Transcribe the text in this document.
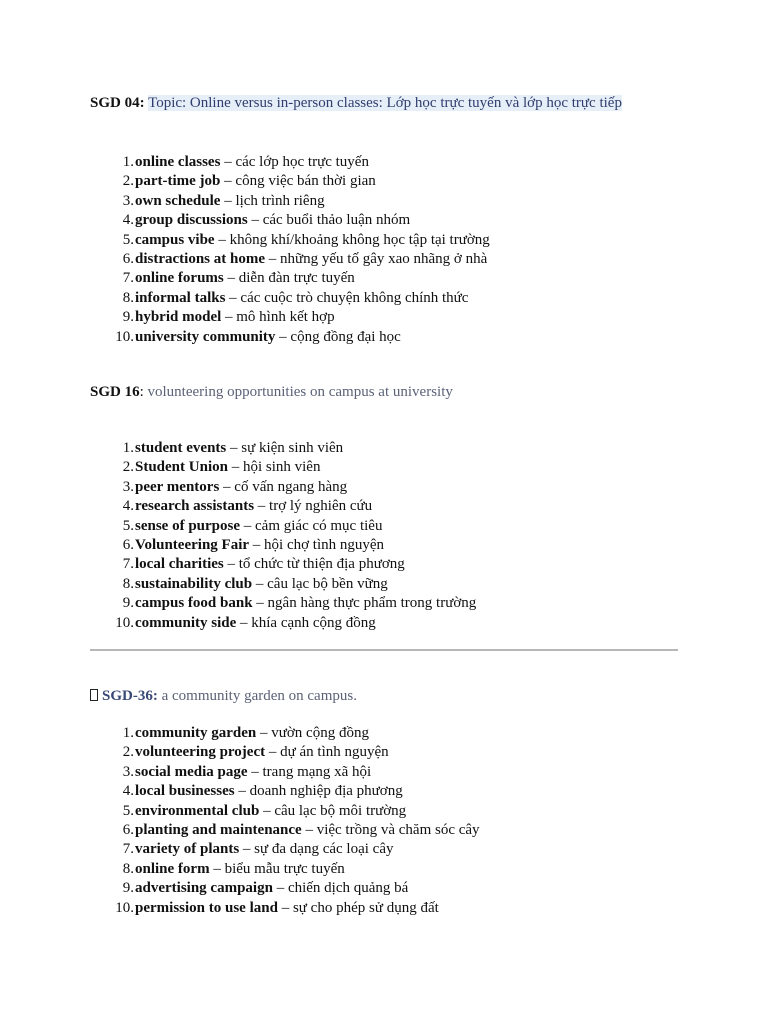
SGD 04: Topic: Online versus in-person classes: Lớp học trực tuyến và lớp học trực tiếp

1. online classes – các lớp học trực tuyến
2. part-time job – công việc bán thời gian
3. own schedule – lịch trình riêng
4. group discussions – các buổi thảo luận nhóm
5. campus vibe – không khí/khoảng không học tập tại trường
6. distractions at home – những yếu tố gây xao nhãng ở nhà
7. online forums – diễn đàn trực tuyến
8. informal talks – các cuộc trò chuyện không chính thức
9. hybrid model – mô hình kết hợp
10. university community – cộng đồng đại học

SGD 16: volunteering opportunities on campus at university

1. student events – sự kiện sinh viên
2. Student Union – hội sinh viên
3. peer mentors – cố vấn ngang hàng
4. research assistants – trợ lý nghiên cứu
5. sense of purpose – cảm giác có mục tiêu
6. Volunteering Fair – hội chợ tình nguyện
7. local charities – tổ chức từ thiện địa phương
8. sustainability club – câu lạc bộ bền vững
9. campus food bank – ngân hàng thực phẩm trong trường
10. community side – khía cạnh cộng đồng

SGD-36: a community garden on campus.

1. community garden – vườn cộng đồng
2. volunteering project – dự án tình nguyện
3. social media page – trang mạng xã hội
4. local businesses – doanh nghiệp địa phương
5. environmental club – câu lạc bộ môi trường
6. planting and maintenance – việc trồng và chăm sóc cây
7. variety of plants – sự đa dạng các loại cây
8. online form – biểu mẫu trực tuyến
9. advertising campaign – chiến dịch quảng bá
10. permission to use land – sự cho phép sử dụng đất
